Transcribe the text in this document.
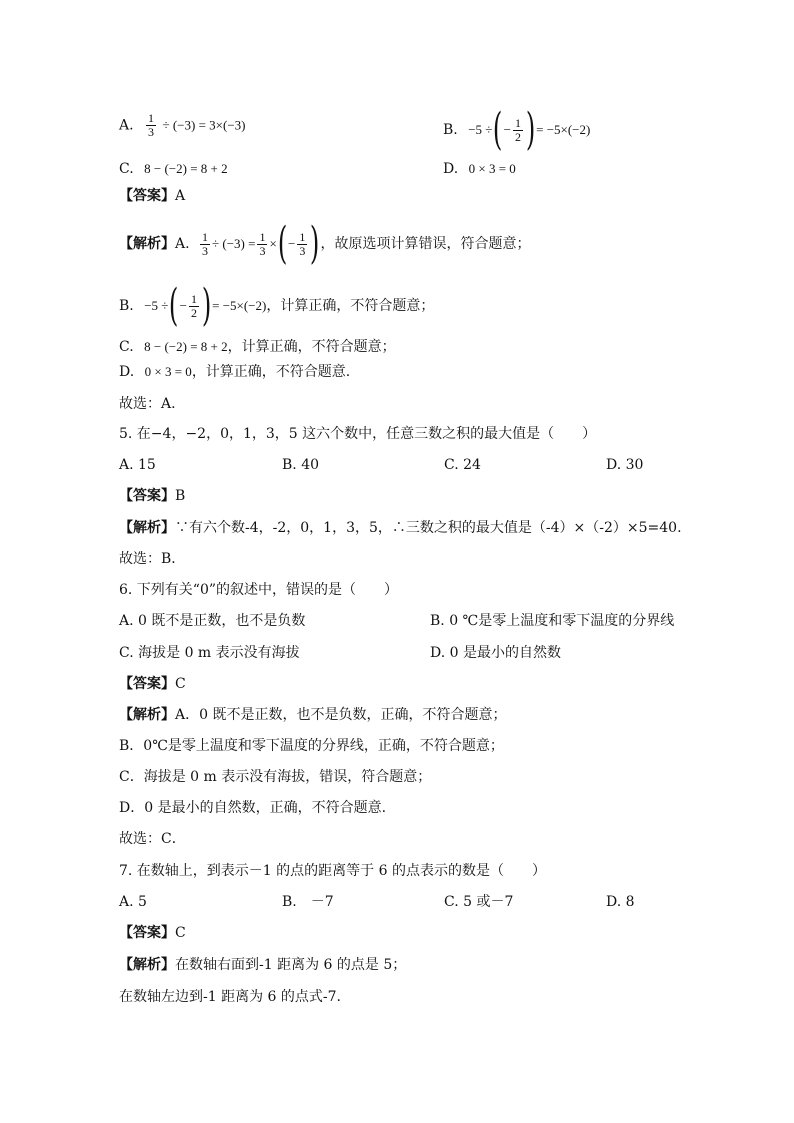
A. $\frac{1}{3} \div (-3) = 3\times(-3)$	B. −5 ÷(− $\frac{1}{2}$ )= −5×(−2)
C. 8 − (−2) = 8 + 2	D. 0 × 3 = 0
【答案】A
【解析】A. $\frac{1}{3} \div (-3) = \frac{1}{3}$ ×(− $\frac{1}{3}$ )，故原选项计算错误，符合题意；
B. −5 ÷(− $\frac{1}{2}$ )= −5×(−2)，计算正确，不符合题意；
C. 8 − (−2) = 8 + 2，计算正确，不符合题意；
D. 0 × 3 = 0，计算正确，不符合题意.
故选：A.
5. 在−4，−2，0，1，3，5 这六个数中，任意三数之积的最大值是（　　）
A. 15	B. 40	C. 24	D. 30
【答案】B
【解析】∵有六个数-4，-2，0，1，3，5，∴三数之积的最大值是（-4）×（-2）×5=40.
故选：B．
6. 下列有关“0”的叙述中，错误的是（　　）
A. 0 既不是正数，也不是负数	B. 0 ℃是零上温度和零下温度的分界线
C. 海拔是 0 m 表示没有海拔	D. 0 是最小的自然数
【答案】C
【解析】A．0 既不是正数，也不是负数，正确，不符合题意；
B．0℃是零上温度和零下温度的分界线，正确，不符合题意；
C．海拔是 0 m 表示没有海拔，错误，符合题意；
D．0 是最小的自然数，正确，不符合题意.
故选：C．
7. 在数轴上，到表示－1 的点的距离等于 6 的点表示的数是（　　）
A. 5	B.　－7	C. 5 或－7	D. 8
【答案】C
【解析】在数轴右面到-1 距离为 6 的点是 5；
在数轴左边到-1 距离为 6 的点式-7.
